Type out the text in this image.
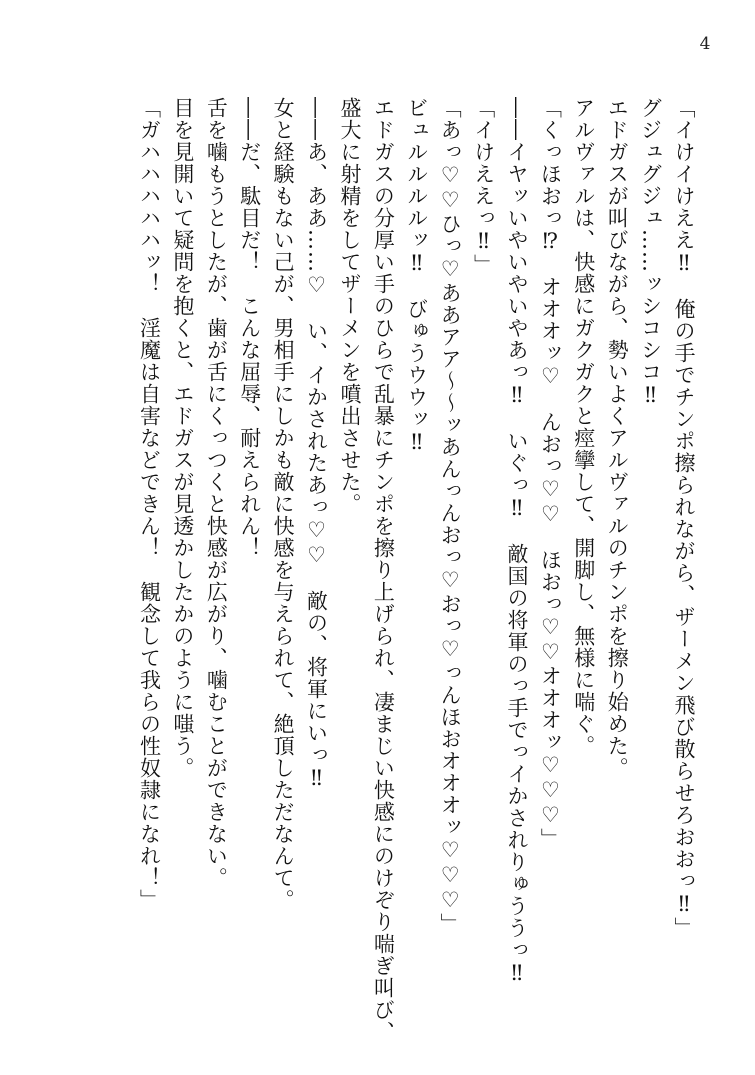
4
「イけイけええ‼　俺の手でチンポ擦られながら、ザーメン飛び散らせろおおっ‼」
グジュグジュ……ッシコシコ‼
エドガスが叫びながら、勢いよくアルヴァルのチンポを擦り始めた。
アルヴァルは、快感にガクガクと痙攣して、開脚し、無様に喘ぐ。
「くっほおっ⁉　オオオッ♡　んおっ♡♡　ほおっ♡♡オオオッ♡♡♡」
――イヤッいやいやいやあっ‼　いぐっ‼　敵国の将軍のっ手でっイかされりゅううっ‼
「イけええっ‼」
「あっ♡♡ひっ♡ああアア～～ッあんっんおっ♡おっ♡っんほおオオオッ♡♡♡」
ビュルルルルッ‼　びゅうウウッ‼
エドガスの分厚い手のひらで乱暴にチンポを擦り上げられ、凄まじい快感にのけぞり喘ぎ叫び、
盛大に射精をしてザーメンを噴出させた。
――あ、ああ……♡　い、イかされたあっ♡♡　敵の、将軍にいっ‼
女と経験もない己が、男相手にしかも敵に快感を与えられて、絶頂しただなんて。
――だ、駄目だ！　こんな屈辱、耐えられん！
舌を噛もうとしたが、歯が舌にくっつくと快感が広がり、噛むことができない。
目を見開いて疑問を抱くと、エドガスが見透かしたかのように嗤う。
「ガハハハハハッ！　淫魔は自害などできん！　観念して我らの性奴隷になれ！」
